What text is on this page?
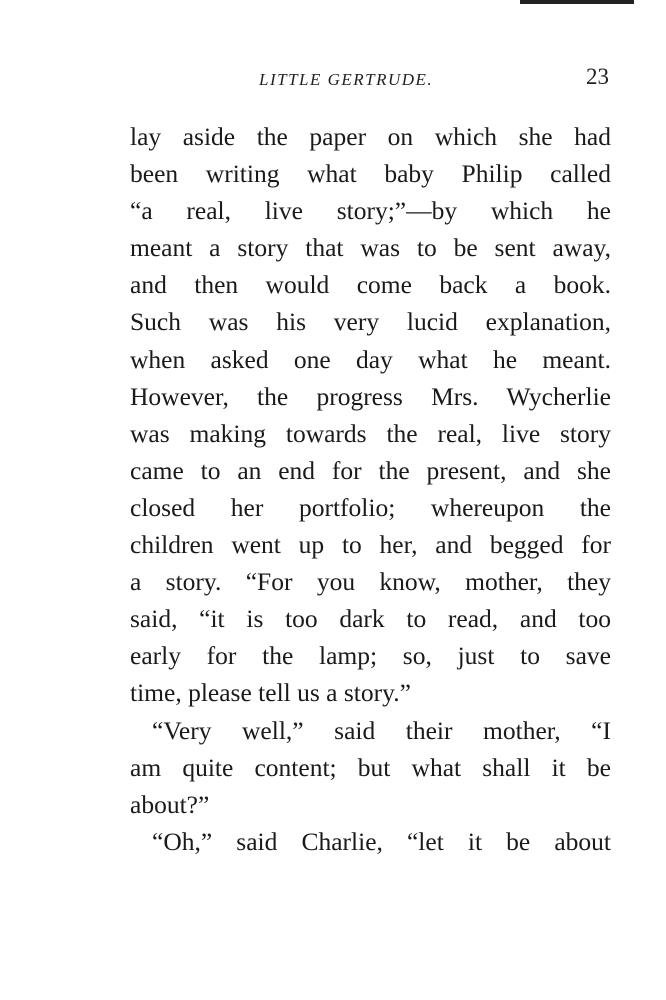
LITTLE GERTRUDE.	23
lay aside the paper on which she had
been writing what baby Philip called
“a real, live story;”—by which he
meant a story that was to be sent away,
and then would come back a book.
Such was his very lucid explanation,
when asked one day what he meant.
However, the progress Mrs. Wycherlie
was making towards the real, live story
came to an end for the present, and she
closed her portfolio; whereupon the
children went up to her, and begged for
a story. “For you know, mother, they
said, “it is too dark to read, and too
early for the lamp; so, just to save
time, please tell us a story.”
“Very well,” said their mother, “I
am quite content; but what shall it be
about?”
“Oh,” said Charlie, “let it be about
